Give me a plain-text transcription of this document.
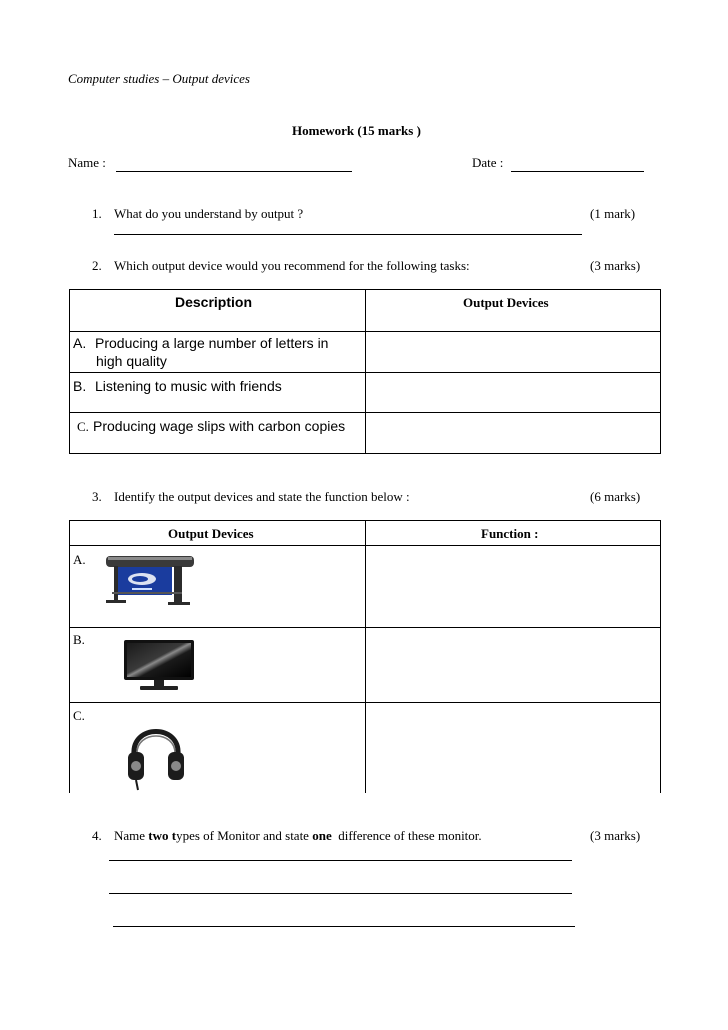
Computer studies – Output devices
Homework (15 marks )
Name :	Date :
1. What do you understand by output ?	(1 mark)
2. Which output device would you recommend for the following tasks:	(3 marks)
Description	Output Devices
A. Producing a large number of letters in
high quality
B. Listening to music with friends
C. Producing wage slips with carbon copies
3. Identify the output devices and state the function below :	(6 marks)
Output Devices	Function :
A.
B.
C.
4. Name two types of Monitor and state one  difference of these monitor.	(3 marks)
